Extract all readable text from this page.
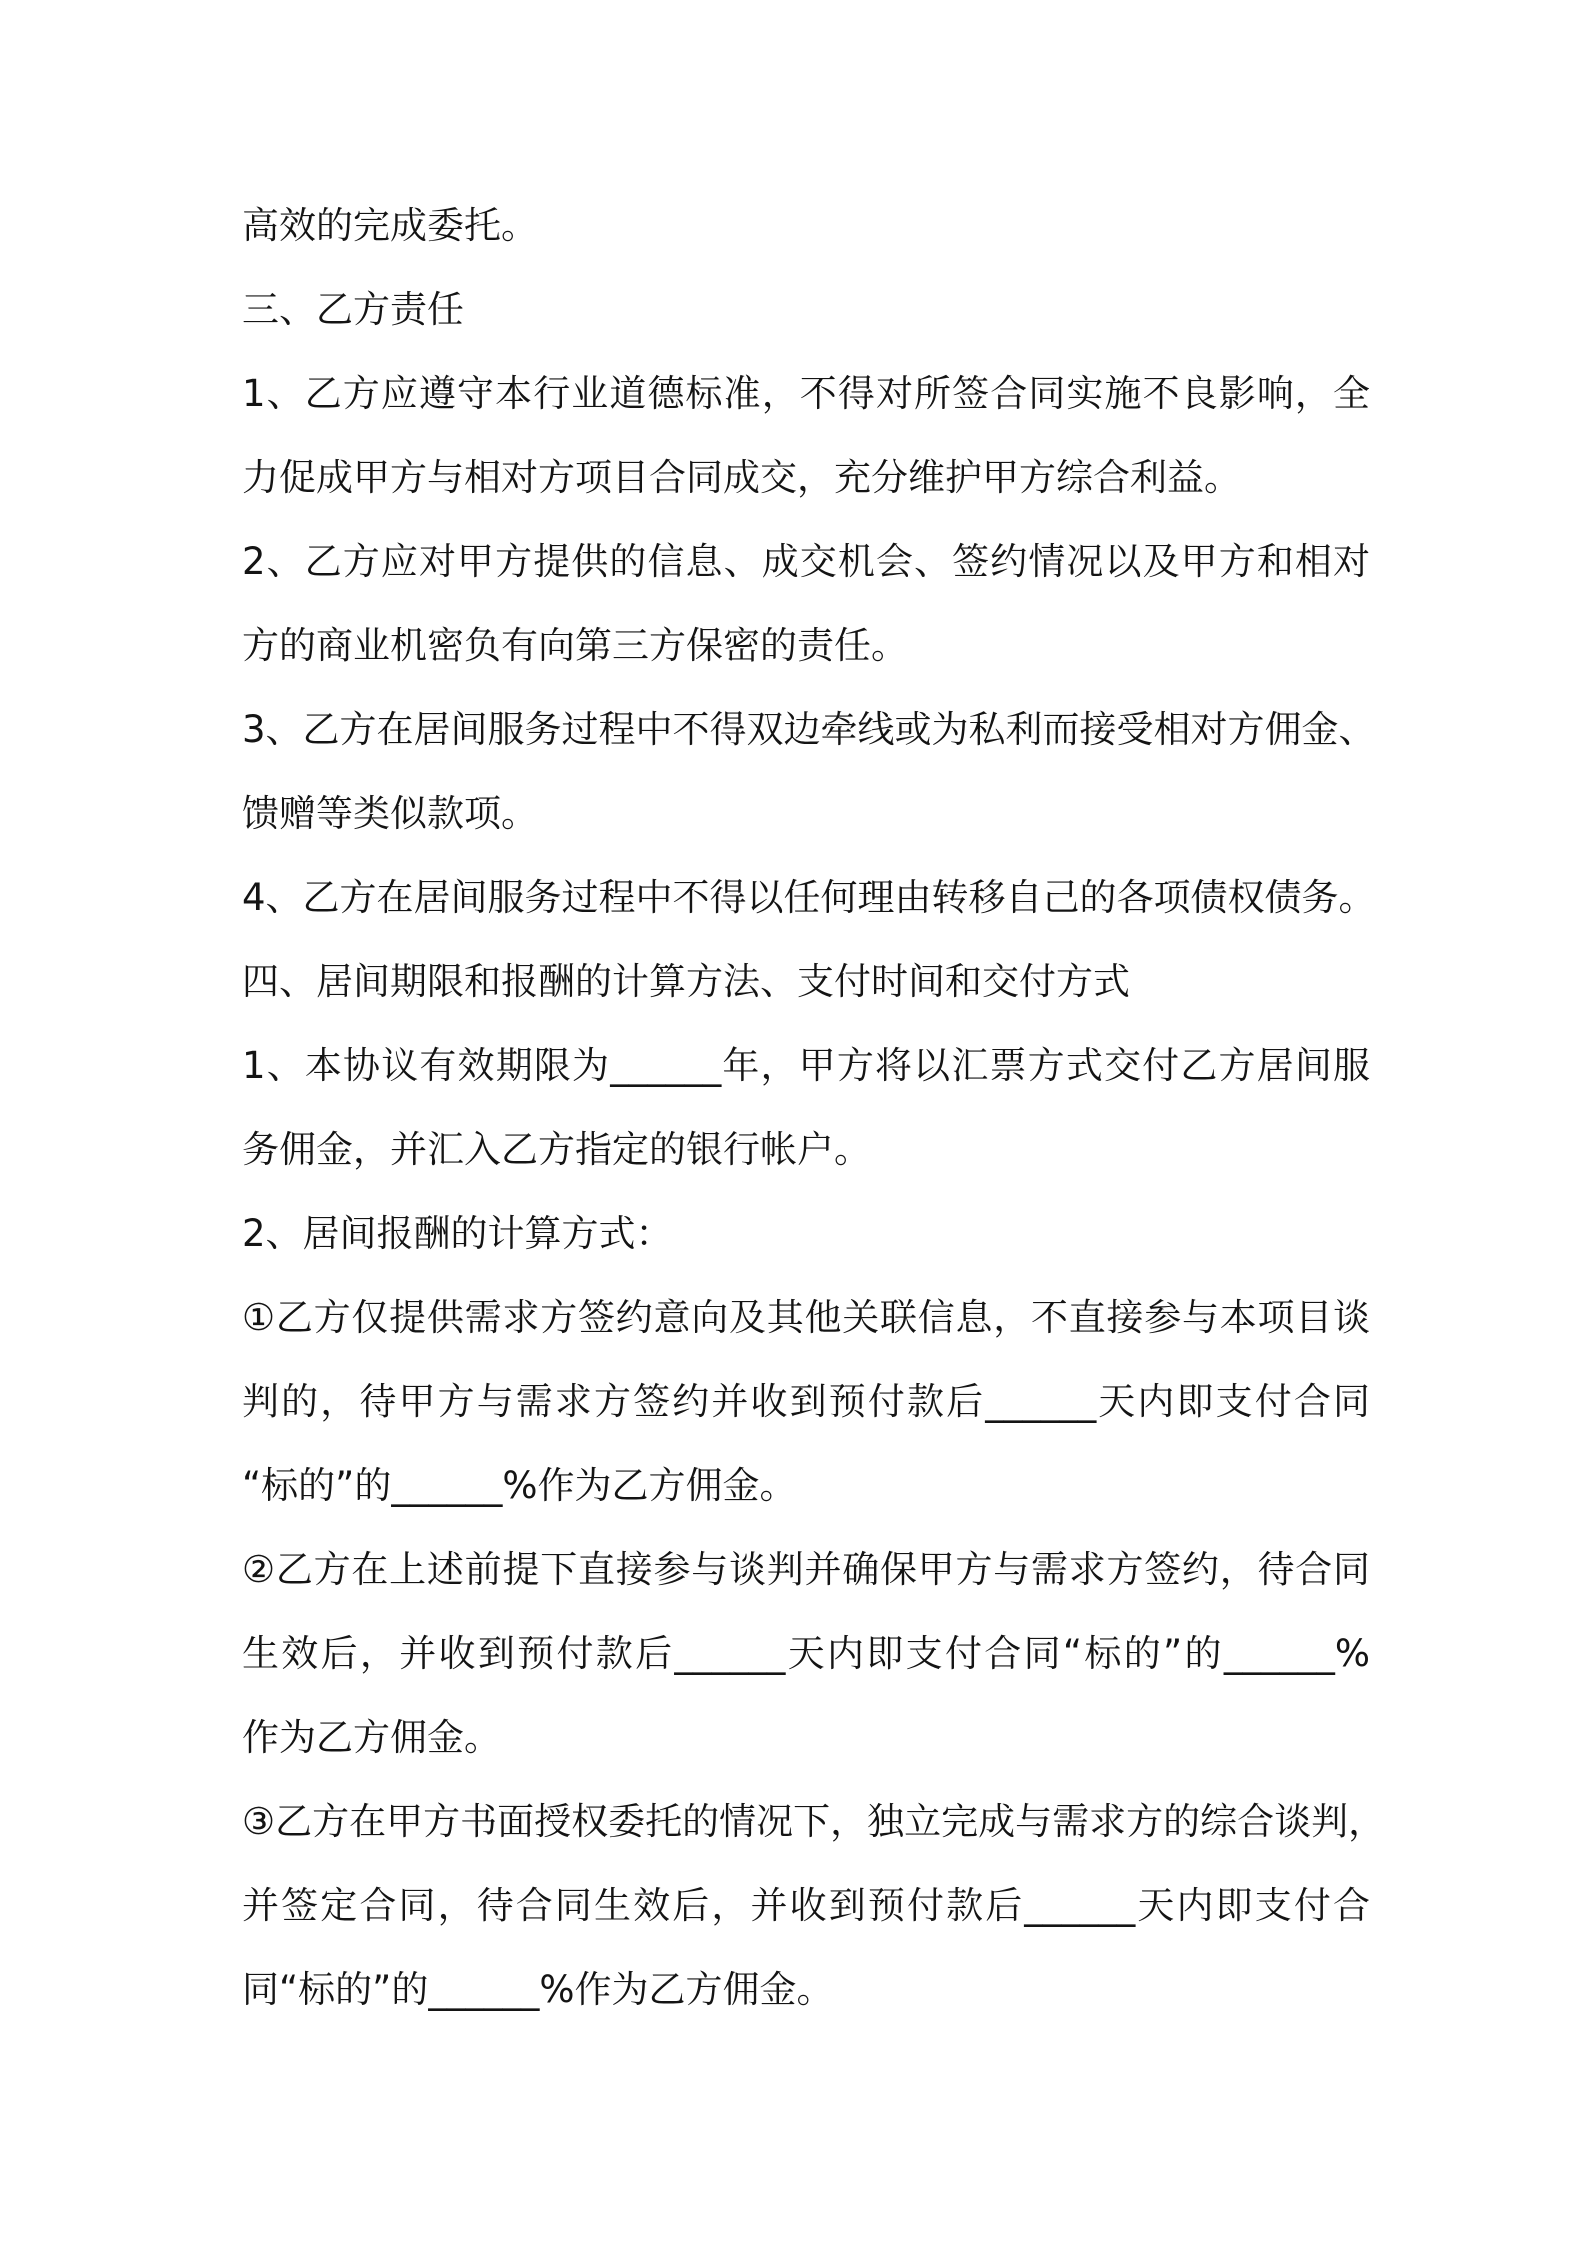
高效的完成委托。
三、乙方责任
1、乙方应遵守本行业道德标准，不得对所签合同实施不良影响，全
力促成甲方与相对方项目合同成交，充分维护甲方综合利益。
2、乙方应对甲方提供的信息、成交机会、签约情况以及甲方和相对
方的商业机密负有向第三方保密的责任。
3、乙方在居间服务过程中不得双边牵线或为私利而接受相对方佣金、
馈赠等类似款项。
4、乙方在居间服务过程中不得以任何理由转移自己的各项债权债务。
四、居间期限和报酬的计算方法、支付时间和交付方式
1、本协议有效期限为______年，甲方将以汇票方式交付乙方居间服
务佣金，并汇入乙方指定的银行帐户。
2、居间报酬的计算方式：
①乙方仅提供需求方签约意向及其他关联信息，不直接参与本项目谈
判的，待甲方与需求方签约并收到预付款后______天内即支付合同
“标的”的______%作为乙方佣金。
②乙方在上述前提下直接参与谈判并确保甲方与需求方签约，待合同
生效后，并收到预付款后______天内即支付合同“标的”的______%
作为乙方佣金。
③乙方在甲方书面授权委托的情况下，独立完成与需求方的综合谈判，
并签定合同，待合同生效后，并收到预付款后______天内即支付合
同“标的”的______%作为乙方佣金。
